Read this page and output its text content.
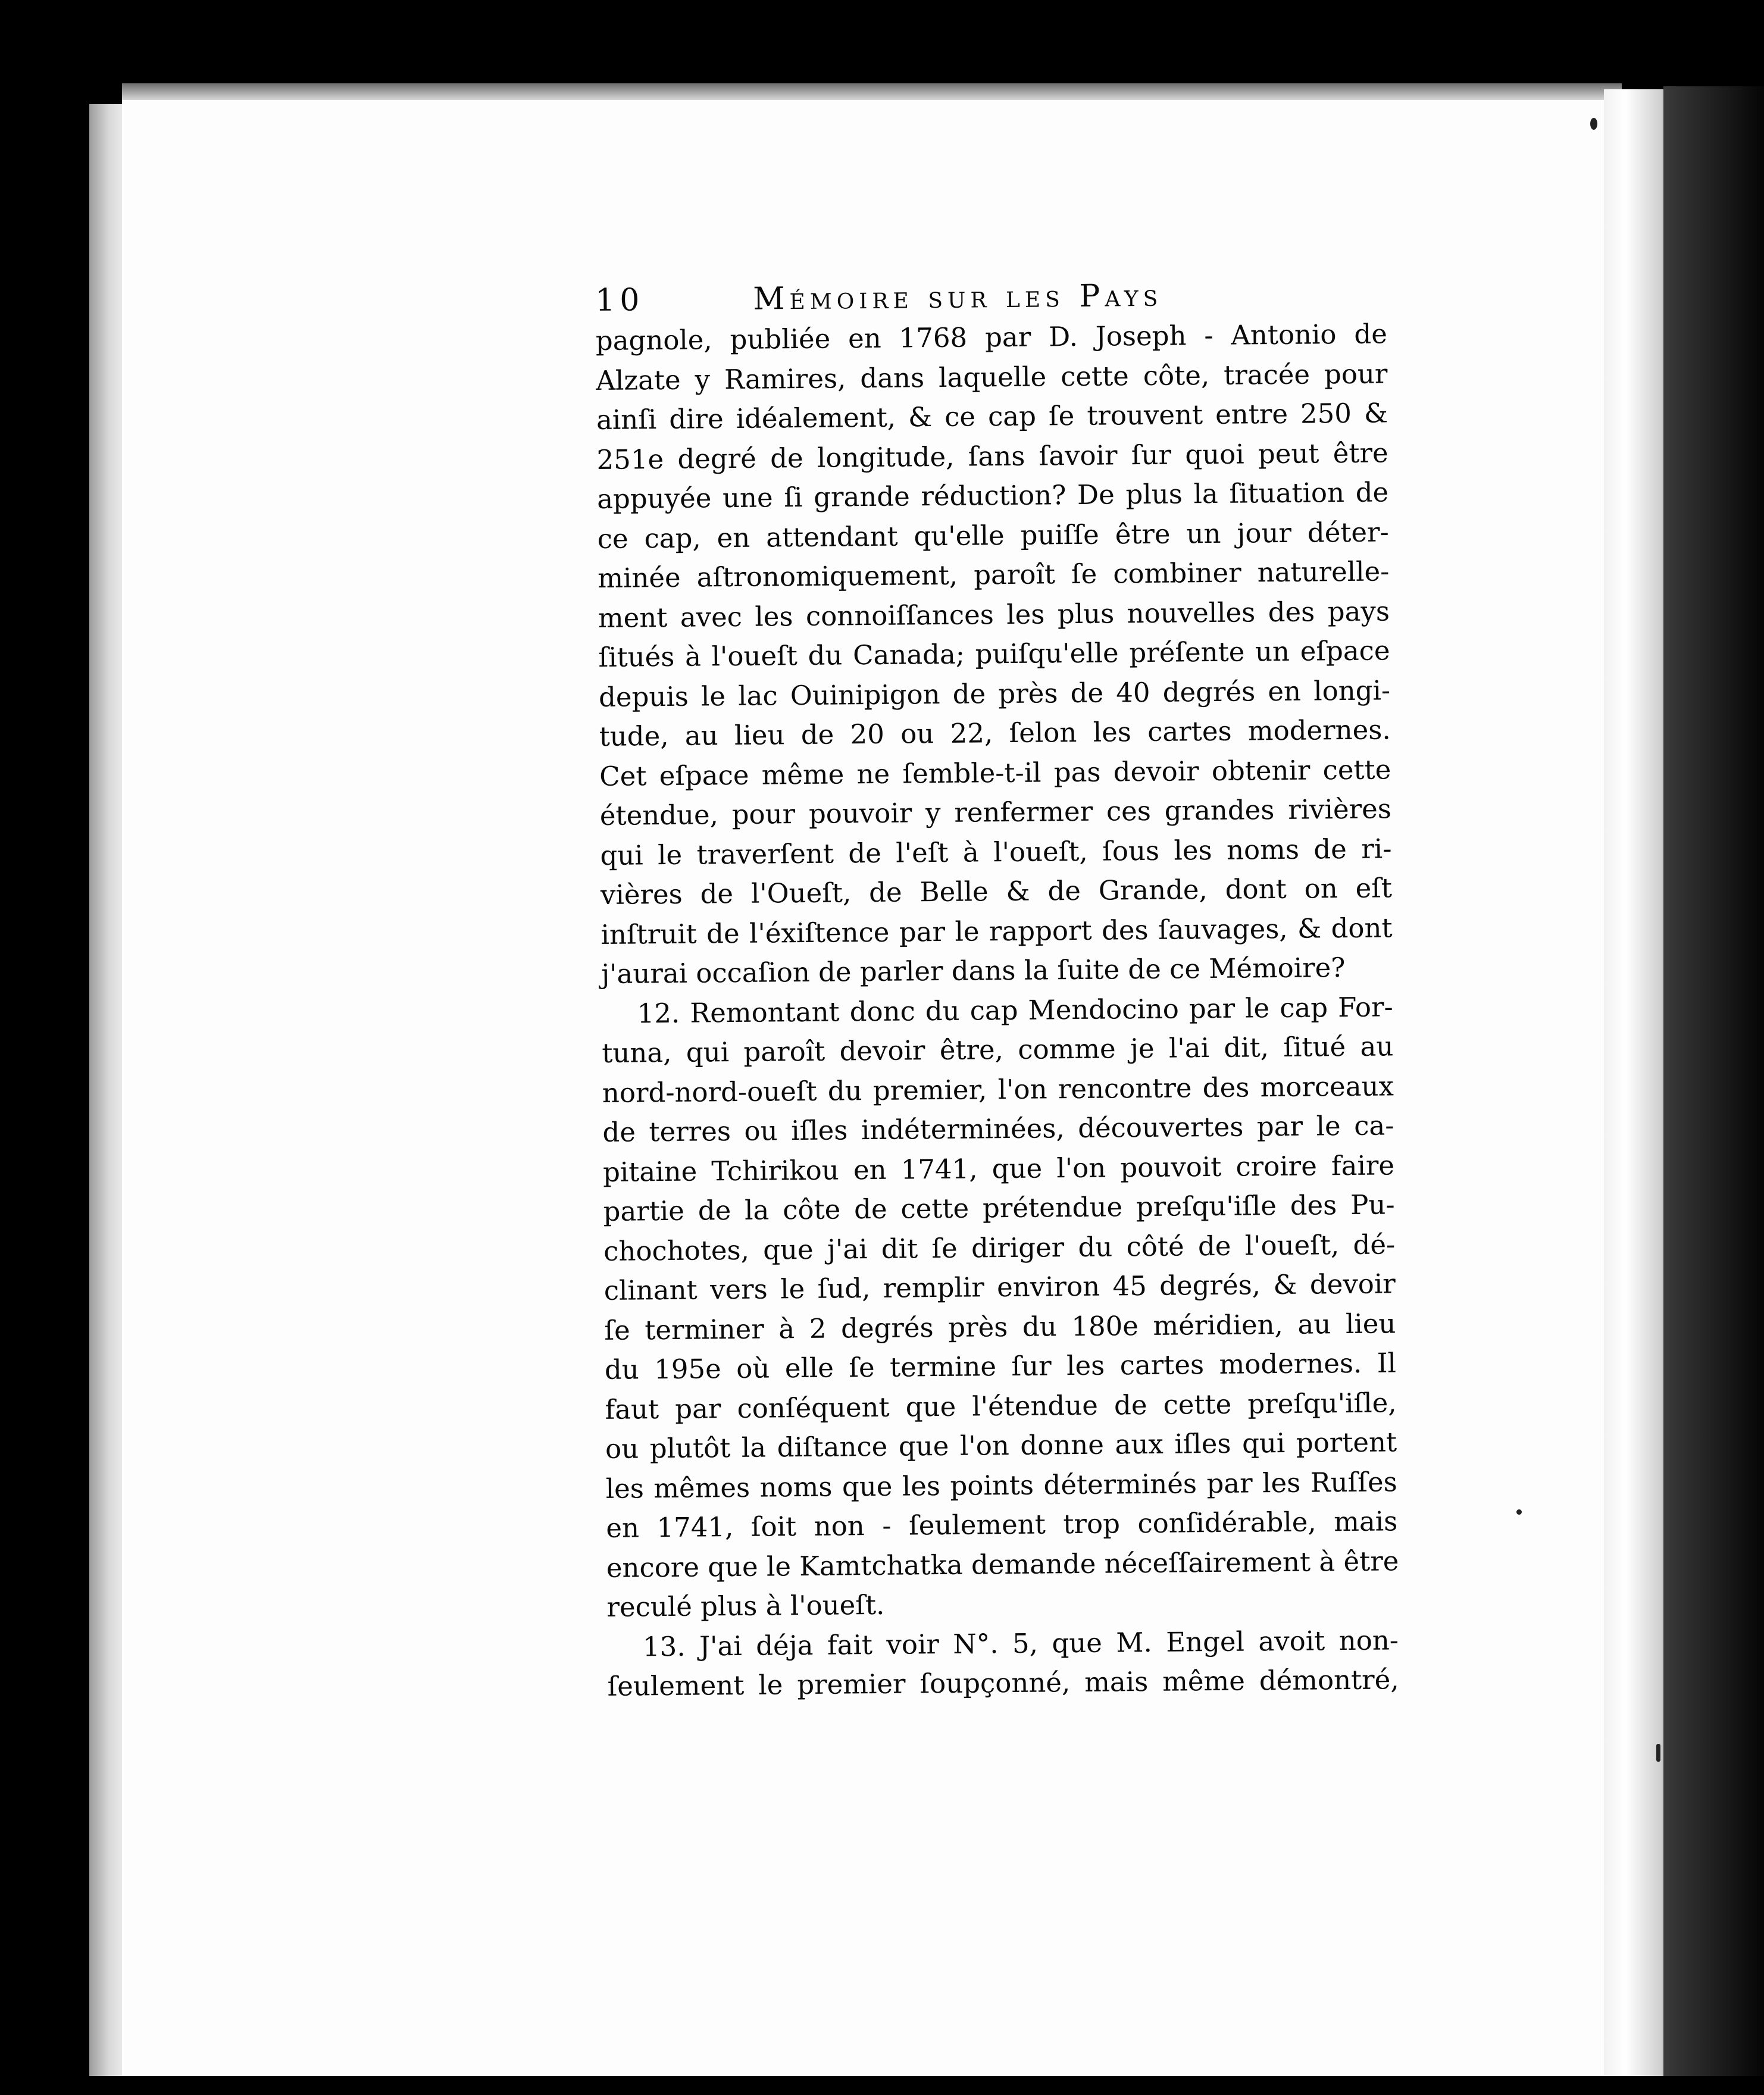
10	Mémoire sur les Pays
pagnole, publiée en 1768 par D. Joseph - Antonio de
Alzate y Ramires, dans laquelle cette côte, tracée pour
ainſi dire idéalement, & ce cap ſe trouvent entre 250 &
251e degré de longitude, ſans ſavoir ſur quoi peut être
appuyée une ſi grande réduction? De plus la ſituation de
ce cap, en attendant qu'elle puiſſe être un jour déter-
minée aſtronomiquement, paroît ſe combiner naturelle-
ment avec les connoiſſances les plus nouvelles des pays
ſitués à l'oueſt du Canada; puiſqu'elle préſente un eſpace
depuis le lac Ouinipigon de près de 40 degrés en longi-
tude, au lieu de 20 ou 22, ſelon les cartes modernes.
Cet eſpace même ne ſemble-t-il pas devoir obtenir cette
étendue, pour pouvoir y renfermer ces grandes rivières
qui le traverſent de l'eſt à l'oueſt, ſous les noms de ri-
vières de l'Oueſt, de Belle & de Grande, dont on eſt
inſtruit de l'éxiſtence par le rapport des ſauvages, & dont
j'aurai occaſion de parler dans la ſuite de ce Mémoire?
12. Remontant donc du cap Mendocino par le cap For-
tuna, qui paroît devoir être, comme je l'ai dit, ſitué au
nord-nord-oueſt du premier, l'on rencontre des morceaux
de terres ou iſles indéterminées, découvertes par le ca-
pitaine Tchirikou en 1741, que l'on pouvoit croire faire
partie de la côte de cette prétendue preſqu'iſle des Pu-
chochotes, que j'ai dit ſe diriger du côté de l'oueſt, dé-
clinant vers le ſud, remplir environ 45 degrés, & devoir
ſe terminer à 2 degrés près du 180e méridien, au lieu
du 195e où elle ſe termine ſur les cartes modernes. Il
faut par conſéquent que l'étendue de cette preſqu'iſle,
ou plutôt la diſtance que l'on donne aux iſles qui portent
les mêmes noms que les points déterminés par les Ruſſes
en 1741, ſoit non - ſeulement trop conſidérable, mais
encore que le Kamtchatka demande néceſſairement à être
reculé plus à l'oueſt.
13. J'ai déja fait voir N°. 5, que M. Engel avoit non-
ſeulement le premier ſoupçonné, mais même démontré,
